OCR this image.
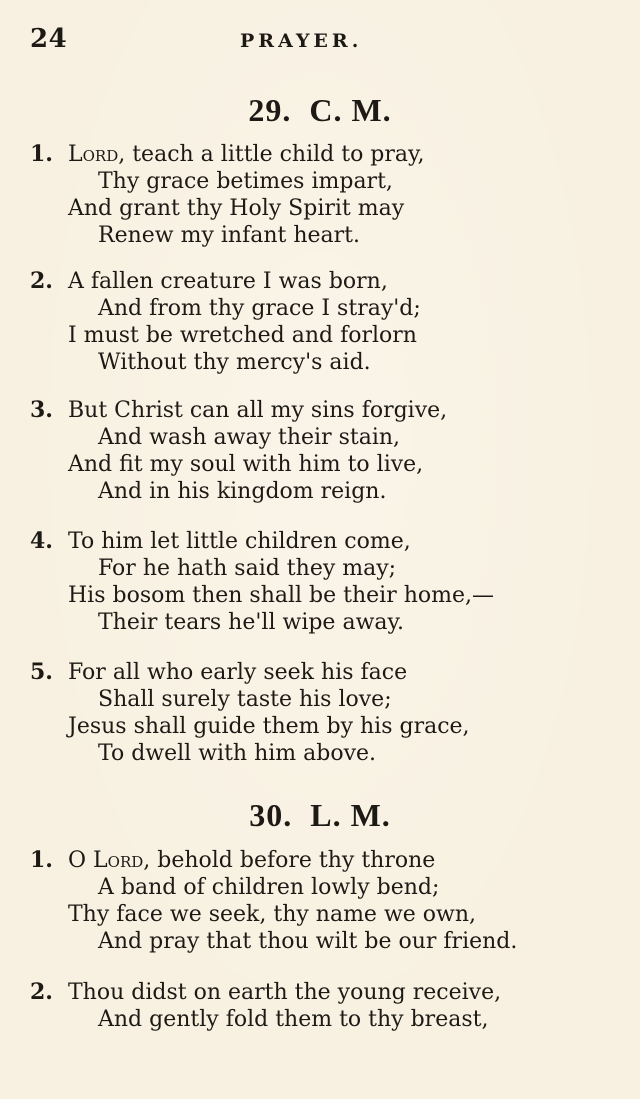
24	PRAYER.
29. C. M.
1. Lord, teach a little child to pray,
Thy grace betimes impart,
And grant thy Holy Spirit may
Renew my infant heart.
2. A fallen creature I was born,
And from thy grace I stray'd;
I must be wretched and forlorn
Without thy mercy's aid.
3. But Christ can all my sins forgive,
And wash away their stain,
And fit my soul with him to live,
And in his kingdom reign.
4. To him let little children come,
For he hath said they may;
His bosom then shall be their home,—
Their tears he'll wipe away.
5. For all who early seek his face
Shall surely taste his love;
Jesus shall guide them by his grace,
To dwell with him above.
30. L. M.
1. O Lord, behold before thy throne
A band of children lowly bend;
Thy face we seek, thy name we own,
And pray that thou wilt be our friend.
2. Thou didst on earth the young receive,
And gently fold them to thy breast,
